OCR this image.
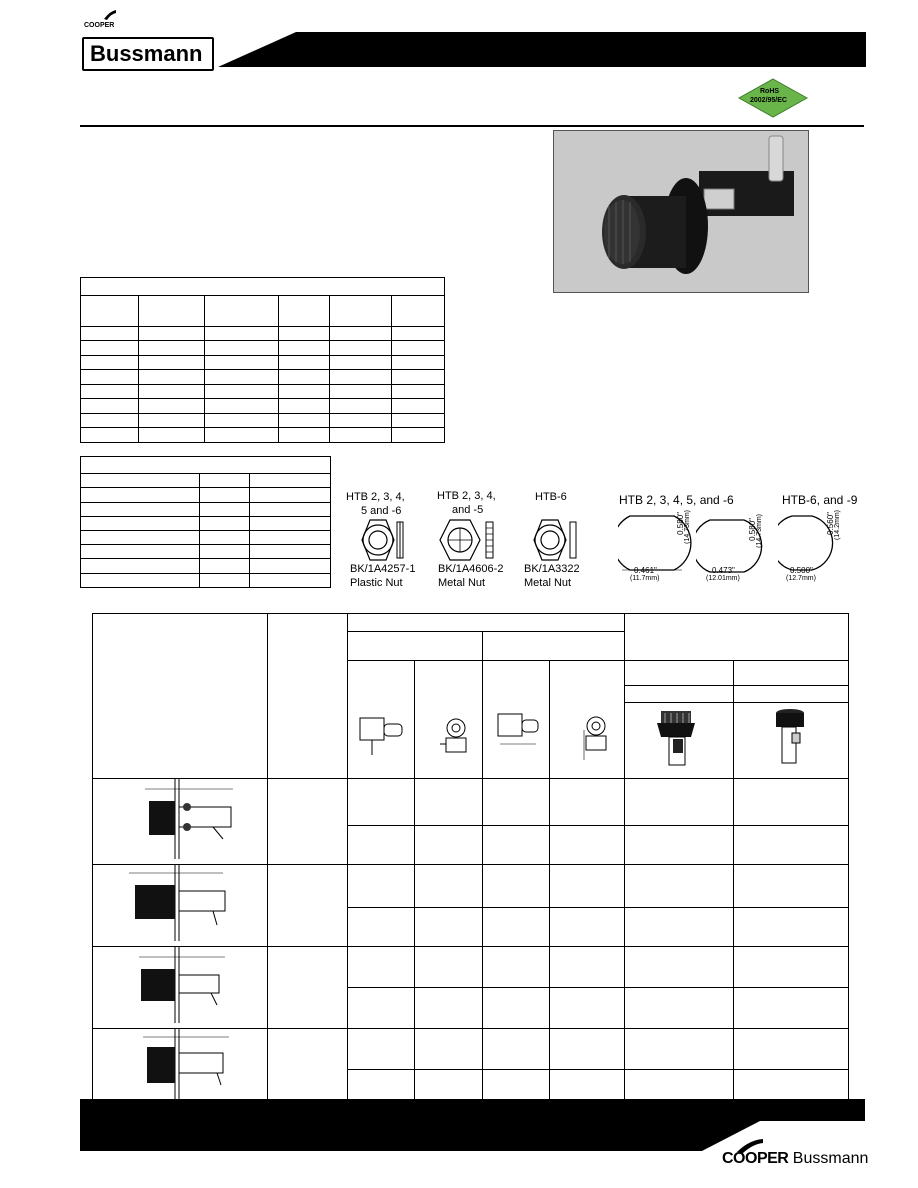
COOPER
Bussmann
RoHS
2002/95/EC

HTB 2, 3, 4,
5 and -6
BK/1A4257-1
Plastic Nut
HTB 2, 3, 4,
and -5
BK/1A4606-2
Metal Nut
HTB-6
BK/1A3322
Metal Nut
HTB 2, 3, 4, 5, and -6	HTB-6, and -9
0.461"
(11.7mm)
0.580" (14.73mm)
0.473"
(12.01mm)
0.580" (14.73mm)
0.500"
(12.7mm)
0.560" (14.2mm)

COOPER Bussmann
